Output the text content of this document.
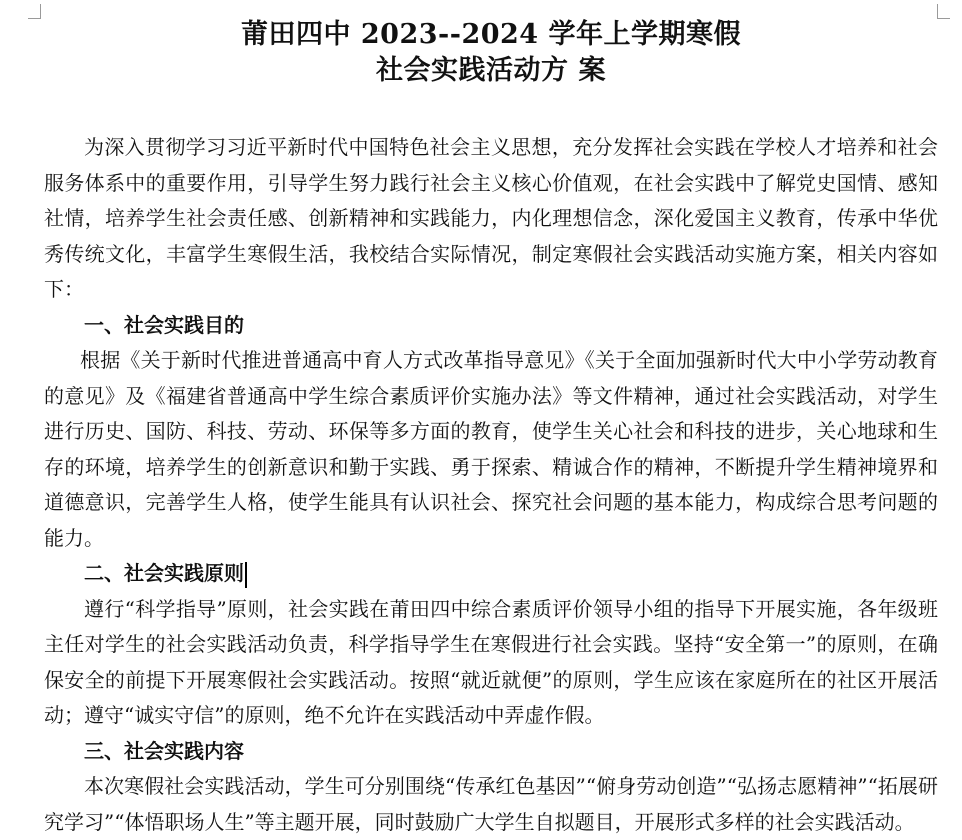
莆田四中 2023--2024 学年上学期寒假
社会实践活动方 案

为深入贯彻学习习近平新时代中国特色社会主义思想，充分发挥社会实践在学校人才培养和社会服务体系中的重要作用，引导学生努力践行社会主义核心价值观，在社会实践中了解党史国情、感知社情，培养学生社会责任感、创新精神和实践能力，内化理想信念，深化爱国主义教育，传承中华优秀传统文化，丰富学生寒假生活，我校结合实际情况，制定寒假社会实践活动实施方案，相关内容如下：

一、社会实践目的

根据《关于新时代推进普通高中育人方式改革指导意见》《关于全面加强新时代大中小学劳动教育的意见》及《福建省普通高中学生综合素质评价实施办法》等文件精神，通过社会实践活动，对学生进行历史、国防、科技、劳动、环保等多方面的教育，使学生关心社会和科技的进步，关心地球和生存的环境，培养学生的创新意识和勤于实践、勇于探索、精诚合作的精神，不断提升学生精神境界和道德意识，完善学生人格，使学生能具有认识社会、探究社会问题的基本能力，构成综合思考问题的能力。

二、社会实践原则

遵行“科学指导”原则，社会实践在莆田四中综合素质评价领导小组的指导下开展实施，各年级班主任对学生的社会实践活动负责，科学指导学生在寒假进行社会实践。坚持“安全第一”的原则，在确保安全的前提下开展寒假社会实践活动。按照“就近就便”的原则，学生应该在家庭所在的社区开展活动；遵守“诚实守信”的原则，绝不允许在实践活动中弄虚作假。

三、社会实践内容

本次寒假社会实践活动，学生可分别围绕“传承红色基因”“俯身劳动创造”“弘扬志愿精神”“拓展研究学习”“体悟职场人生”等主题开展，同时鼓励广大学生自拟题目，开展形式多样的社会实践活动。
